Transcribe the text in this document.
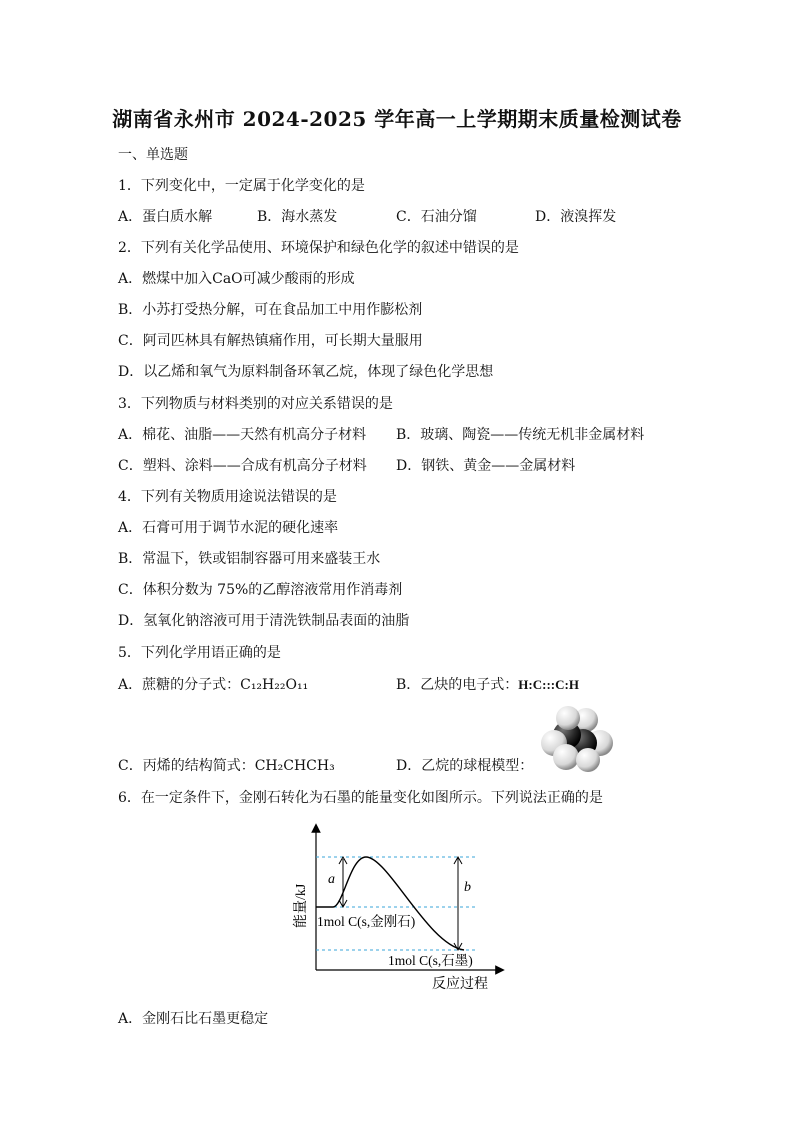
湖南省永州市 2024-2025 学年高一上学期期末质量检测试卷
一、单选题
1．下列变化中，一定属于化学变化的是
A．蛋白质水解	B．海水蒸发	C．石油分馏	D．液溴挥发
2．下列有关化学品使用、环境保护和绿色化学的叙述中错误的是
A．燃煤中加入CaO可减少酸雨的形成
B．小苏打受热分解，可在食品加工中用作膨松剂
C．阿司匹林具有解热镇痛作用，可长期大量服用
D．以乙烯和氧气为原料制备环氧乙烷，体现了绿色化学思想
3．下列物质与材料类别的对应关系错误的是
A．棉花、油脂——天然有机高分子材料 B．玻璃、陶瓷——传统无机非金属材料
C．塑料、涂料——合成有机高分子材料 D．钢铁、黄金——金属材料
4．下列有关物质用途说法错误的是
A．石膏可用于调节水泥的硬化速率
B．常温下，铁或铝制容器可用来盛装王水
C．体积分数为 75%的乙醇溶液常用作消毒剂
D．氢氧化钠溶液可用于清洗铁制品表面的油脂
5．下列化学用语正确的是
A．蔗糖的分子式：C₁₂H₂₂O₁₁	B．乙炔的电子式：H:C:::C:H
C．丙烯的结构简式：CH₂CHCH₃	D．乙烷的球棍模型：
6．在一定条件下，金刚石转化为石墨的能量变化如图所示。下列说法正确的是
a
b
1mol C(s,金刚石)
1mol C(s,石墨)
能量/kJ
反应过程
A．金刚石比石墨更稳定
